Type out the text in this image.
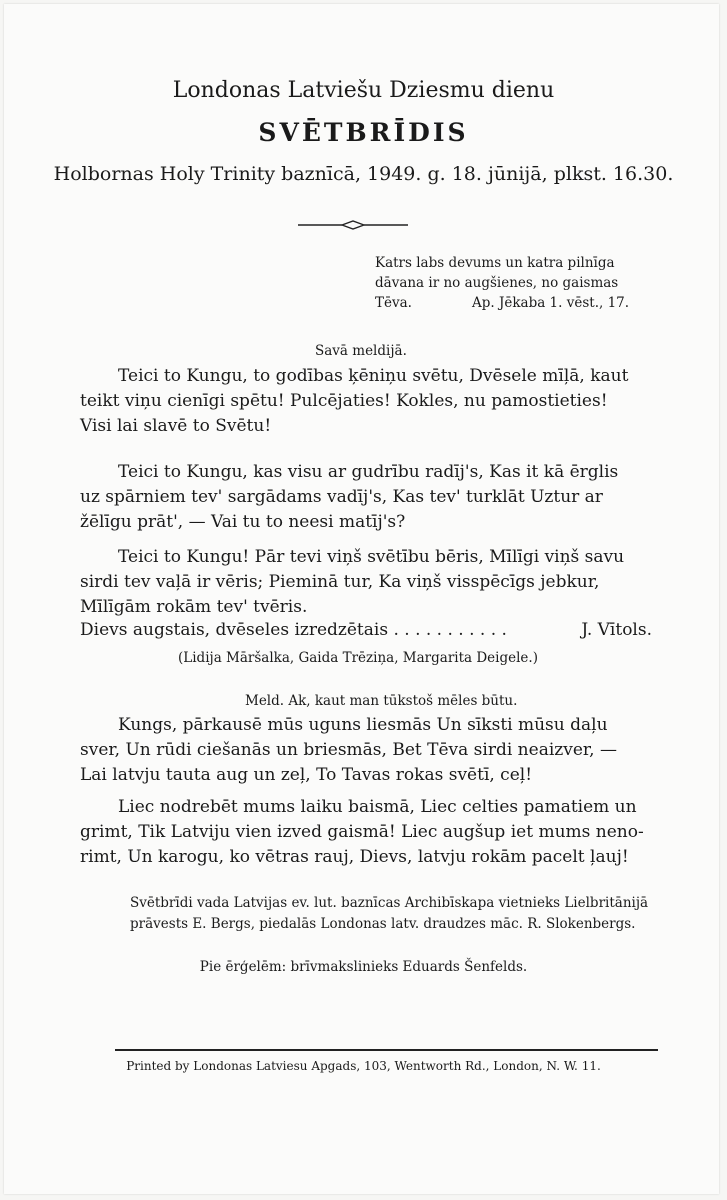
Londonas Latviešu Dziesmu dienu
SVĒTBRĪDIS
Holbornas Holy Trinity baznīcā, 1949. g. 18. jūnijā, plkst. 16.30.
Katrs labs devums un katra pilnīga
dāvana ir no augšienes, no gaismas
Tēva.	Ap. Jēkaba 1. vēst., 17.
Savā meldijā.
Teici to Kungu, to godības ķēniņu svētu, Dvēsele mīļā, kaut
teikt viņu cienīgi spētu! Pulcējaties! Kokles, nu pamostieties!
Visi lai slavē to Svētu!
Teici to Kungu, kas visu ar gudrību radīj's, Kas it kā ērglis
uz spārniem tev' sargādams vadīj's, Kas tev' turklāt Uztur ar
žēlīgu prāt', — Vai tu to neesi matīj's?
Teici to Kungu! Pār tevi viņš svētību bēris, Mīlīgi viņš savu
sirdi tev vaļā ir vēris; Pieminā tur, Ka viņš visspēcīgs jebkur,
Mīlīgām rokām tev' tvēris.
Dievs augstais, dvēseles izredzētais . . . . . . . . . . .	J. Vītols.
(Lidija Māršalka, Gaida Trēziņa, Margarita Deigele.)
Meld. Ak, kaut man tūkstoš mēles būtu.
Kungs, pārkausē mūs uguns liesmās Un sīksti mūsu daļu
sver, Un rūdi ciešanās un briesmās, Bet Tēva sirdi neaizver, —
Lai latvju tauta aug un zeļ, To Tavas rokas svētī, ceļ!
Liec nodrebēt mums laiku baismā, Liec celties pamatiem un
grimt, Tik Latviju vien izved gaismā! Liec augšup iet mums neno-
rimt, Un karogu, ko vētras rauj, Dievs, latvju rokām pacelt ļauj!
Svētbrīdi vada Latvijas ev. lut. baznīcas Archibīskapa vietnieks Lielbritānijā
prāvests E. Bergs, piedalās Londonas latv. draudzes māc. R. Slokenbergs.
Pie ērģelēm: brīvmakslinieks Eduards Šenfelds.
Printed by Londonas Latviesu Apgads, 103, Wentworth Rd., London, N. W. 11.
